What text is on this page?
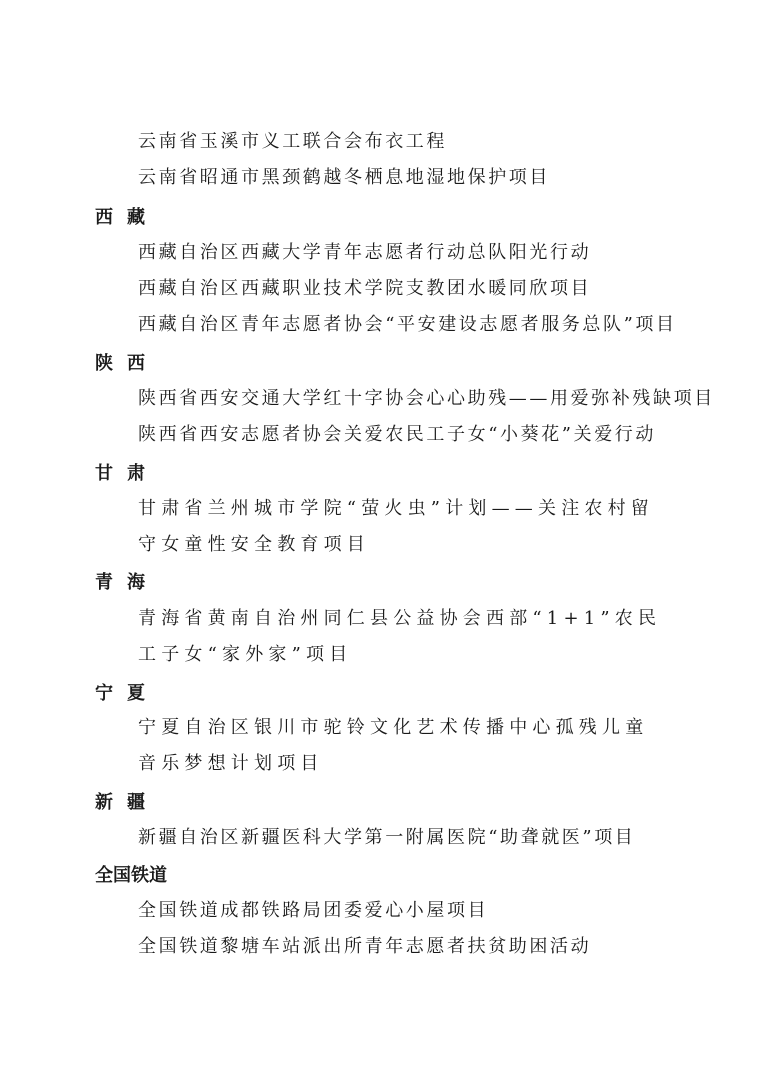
云南省玉溪市义工联合会布衣工程
云南省昭通市黑颈鹤越冬栖息地湿地保护项目
西藏
西藏自治区西藏大学青年志愿者行动总队阳光行动
西藏自治区西藏职业技术学院支教团水暖同欣项目
西藏自治区青年志愿者协会“平安建设志愿者服务总队”项目
陕西
陕西省西安交通大学红十字协会心心助残——用爱弥补残缺项目
陕西省西安志愿者协会关爱农民工子女“小葵花”关爱行动
甘肃
甘肃省兰州城市学院“萤火虫”计划——关注农村留守女童性安全教育项目
青海
青海省黄南自治州同仁县公益协会西部“1+1”农民工子女“家外家”项目
宁夏
宁夏自治区银川市驼铃文化艺术传播中心孤残儿童音乐梦想计划项目
新疆
新疆自治区新疆医科大学第一附属医院“助聋就医”项目
全国铁道
全国铁道成都铁路局团委爱心小屋项目
全国铁道黎塘车站派出所青年志愿者扶贫助困活动
